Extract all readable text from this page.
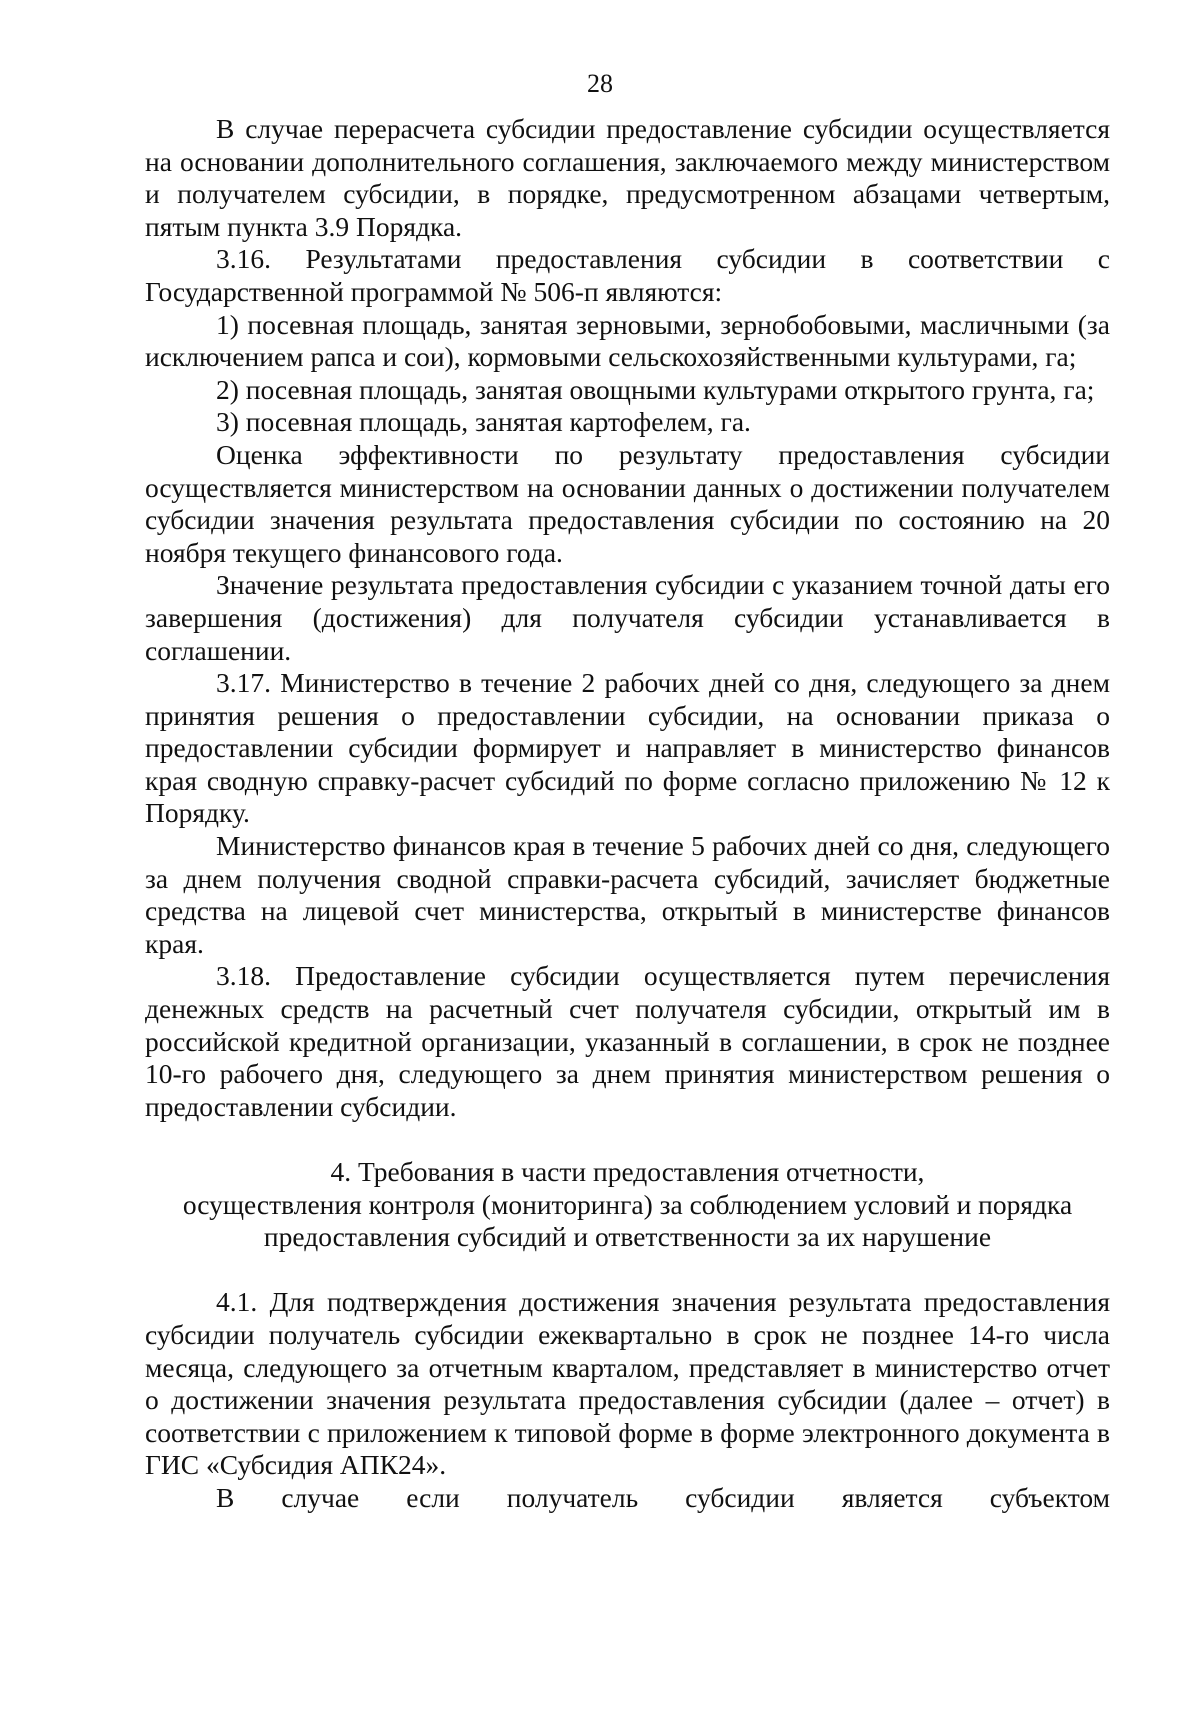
28

В случае перерасчета субсидии предоставление субсидии осуществляется на основании дополнительного соглашения, заключаемого между министерством и получателем субсидии, в порядке, предусмотренном абзацами четвертым, пятым пункта 3.9 Порядка.

3.16. Результатами предоставления субсидии в соответствии с Государственной программой № 506-п являются:

1) посевная площадь, занятая зерновыми, зернобобовыми, масличными (за исключением рапса и сои), кормовыми сельскохозяйственными культурами, га;

2) посевная площадь, занятая овощными культурами открытого грунта, га;

3) посевная площадь, занятая картофелем, га.

Оценка эффективности по результату предоставления субсидии осуществляется министерством на основании данных о достижении получателем субсидии значения результата предоставления субсидии по состоянию на 20 ноября текущего финансового года.

Значение результата предоставления субсидии с указанием точной даты его завершения (достижения) для получателя субсидии устанавливается в соглашении.

3.17. Министерство в течение 2 рабочих дней со дня, следующего за днем принятия решения о предоставлении субсидии, на основании приказа о предоставлении субсидии формирует и направляет в министерство финансов края сводную справку-расчет субсидий по форме согласно приложению № 12 к Порядку.

Министерство финансов края в течение 5 рабочих дней со дня, следующего за днем получения сводной справки-расчета субсидий, зачисляет бюджетные средства на лицевой счет министерства, открытый в министерстве финансов края.

3.18. Предоставление субсидии осуществляется путем перечисления денежных средств на расчетный счет получателя субсидии, открытый им в российской кредитной организации, указанный в соглашении, в срок не позднее 10-го рабочего дня, следующего за днем принятия министерством решения о предоставлении субсидии.

4. Требования в части предоставления отчетности,
осуществления контроля (мониторинга) за соблюдением условий и порядка
предоставления субсидий и ответственности за их нарушение

4.1. Для подтверждения достижения значения результата предоставления субсидии получатель субсидии ежеквартально в срок не позднее 14-го числа месяца, следующего за отчетным кварталом, представляет в министерство отчет о достижении значения результата предоставления субсидии (далее – отчет) в соответствии с приложением к типовой форме в форме электронного документа в ГИС «Субсидия АПК24».

В случае если получатель субсидии является субъектом
